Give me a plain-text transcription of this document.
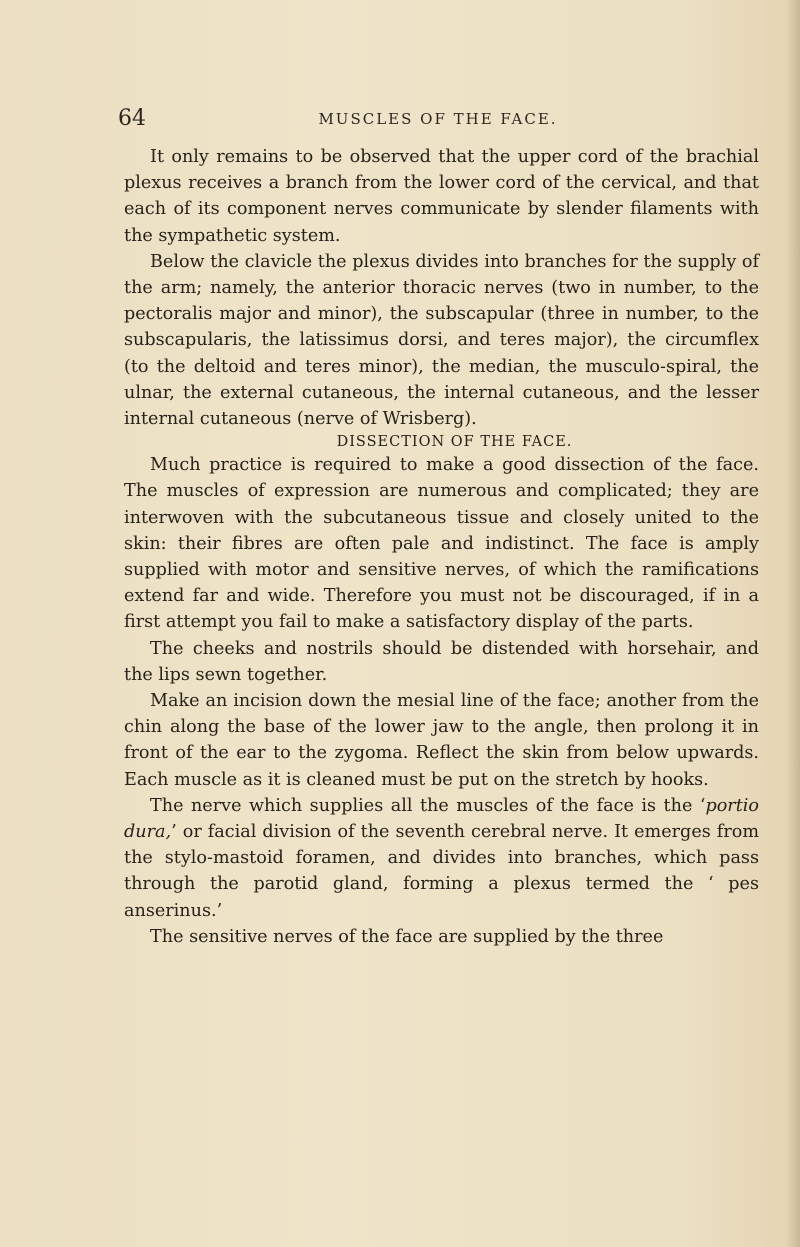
64	MUSCLES OF THE FACE.

It only remains to be observed that the upper cord of the brachial plexus receives a branch from the lower cord of the cervical, and that each of its component nerves communicate by slender filaments with the sympathetic system.

Below the clavicle the plexus divides into branches for the supply of the arm; namely, the anterior thoracic nerves (two in number, to the pectoralis major and minor), the subscapular (three in number, to the subscapularis, the latissimus dorsi, and teres major), the circumflex (to the deltoid and teres minor), the median, the musculo-spiral, the ulnar, the external cutaneous, the internal cutaneous, and the lesser internal cutaneous (nerve of Wrisberg).

DISSECTION OF THE FACE.

Much practice is required to make a good dissection of the face. The muscles of expression are numerous and complicated; they are interwoven with the subcutaneous tissue and closely united to the skin: their fibres are often pale and indistinct. The face is amply supplied with motor and sensitive nerves, of which the ramifications extend far and wide. Therefore you must not be discouraged, if in a first attempt you fail to make a satisfactory display of the parts.

The cheeks and nostrils should be distended with horsehair, and the lips sewn together.

Make an incision down the mesial line of the face; another from the chin along the base of the lower jaw to the angle, then prolong it in front of the ear to the zygoma. Reflect the skin from below upwards. Each muscle as it is cleaned must be put on the stretch by hooks.

The nerve which supplies all the muscles of the face is the ‘portio dura,’ or facial division of the seventh cerebral nerve. It emerges from the stylo-mastoid foramen, and divides into branches, which pass through the parotid gland, forming a plexus termed the ‘ pes anserinus.’

The sensitive nerves of the face are supplied by the three
